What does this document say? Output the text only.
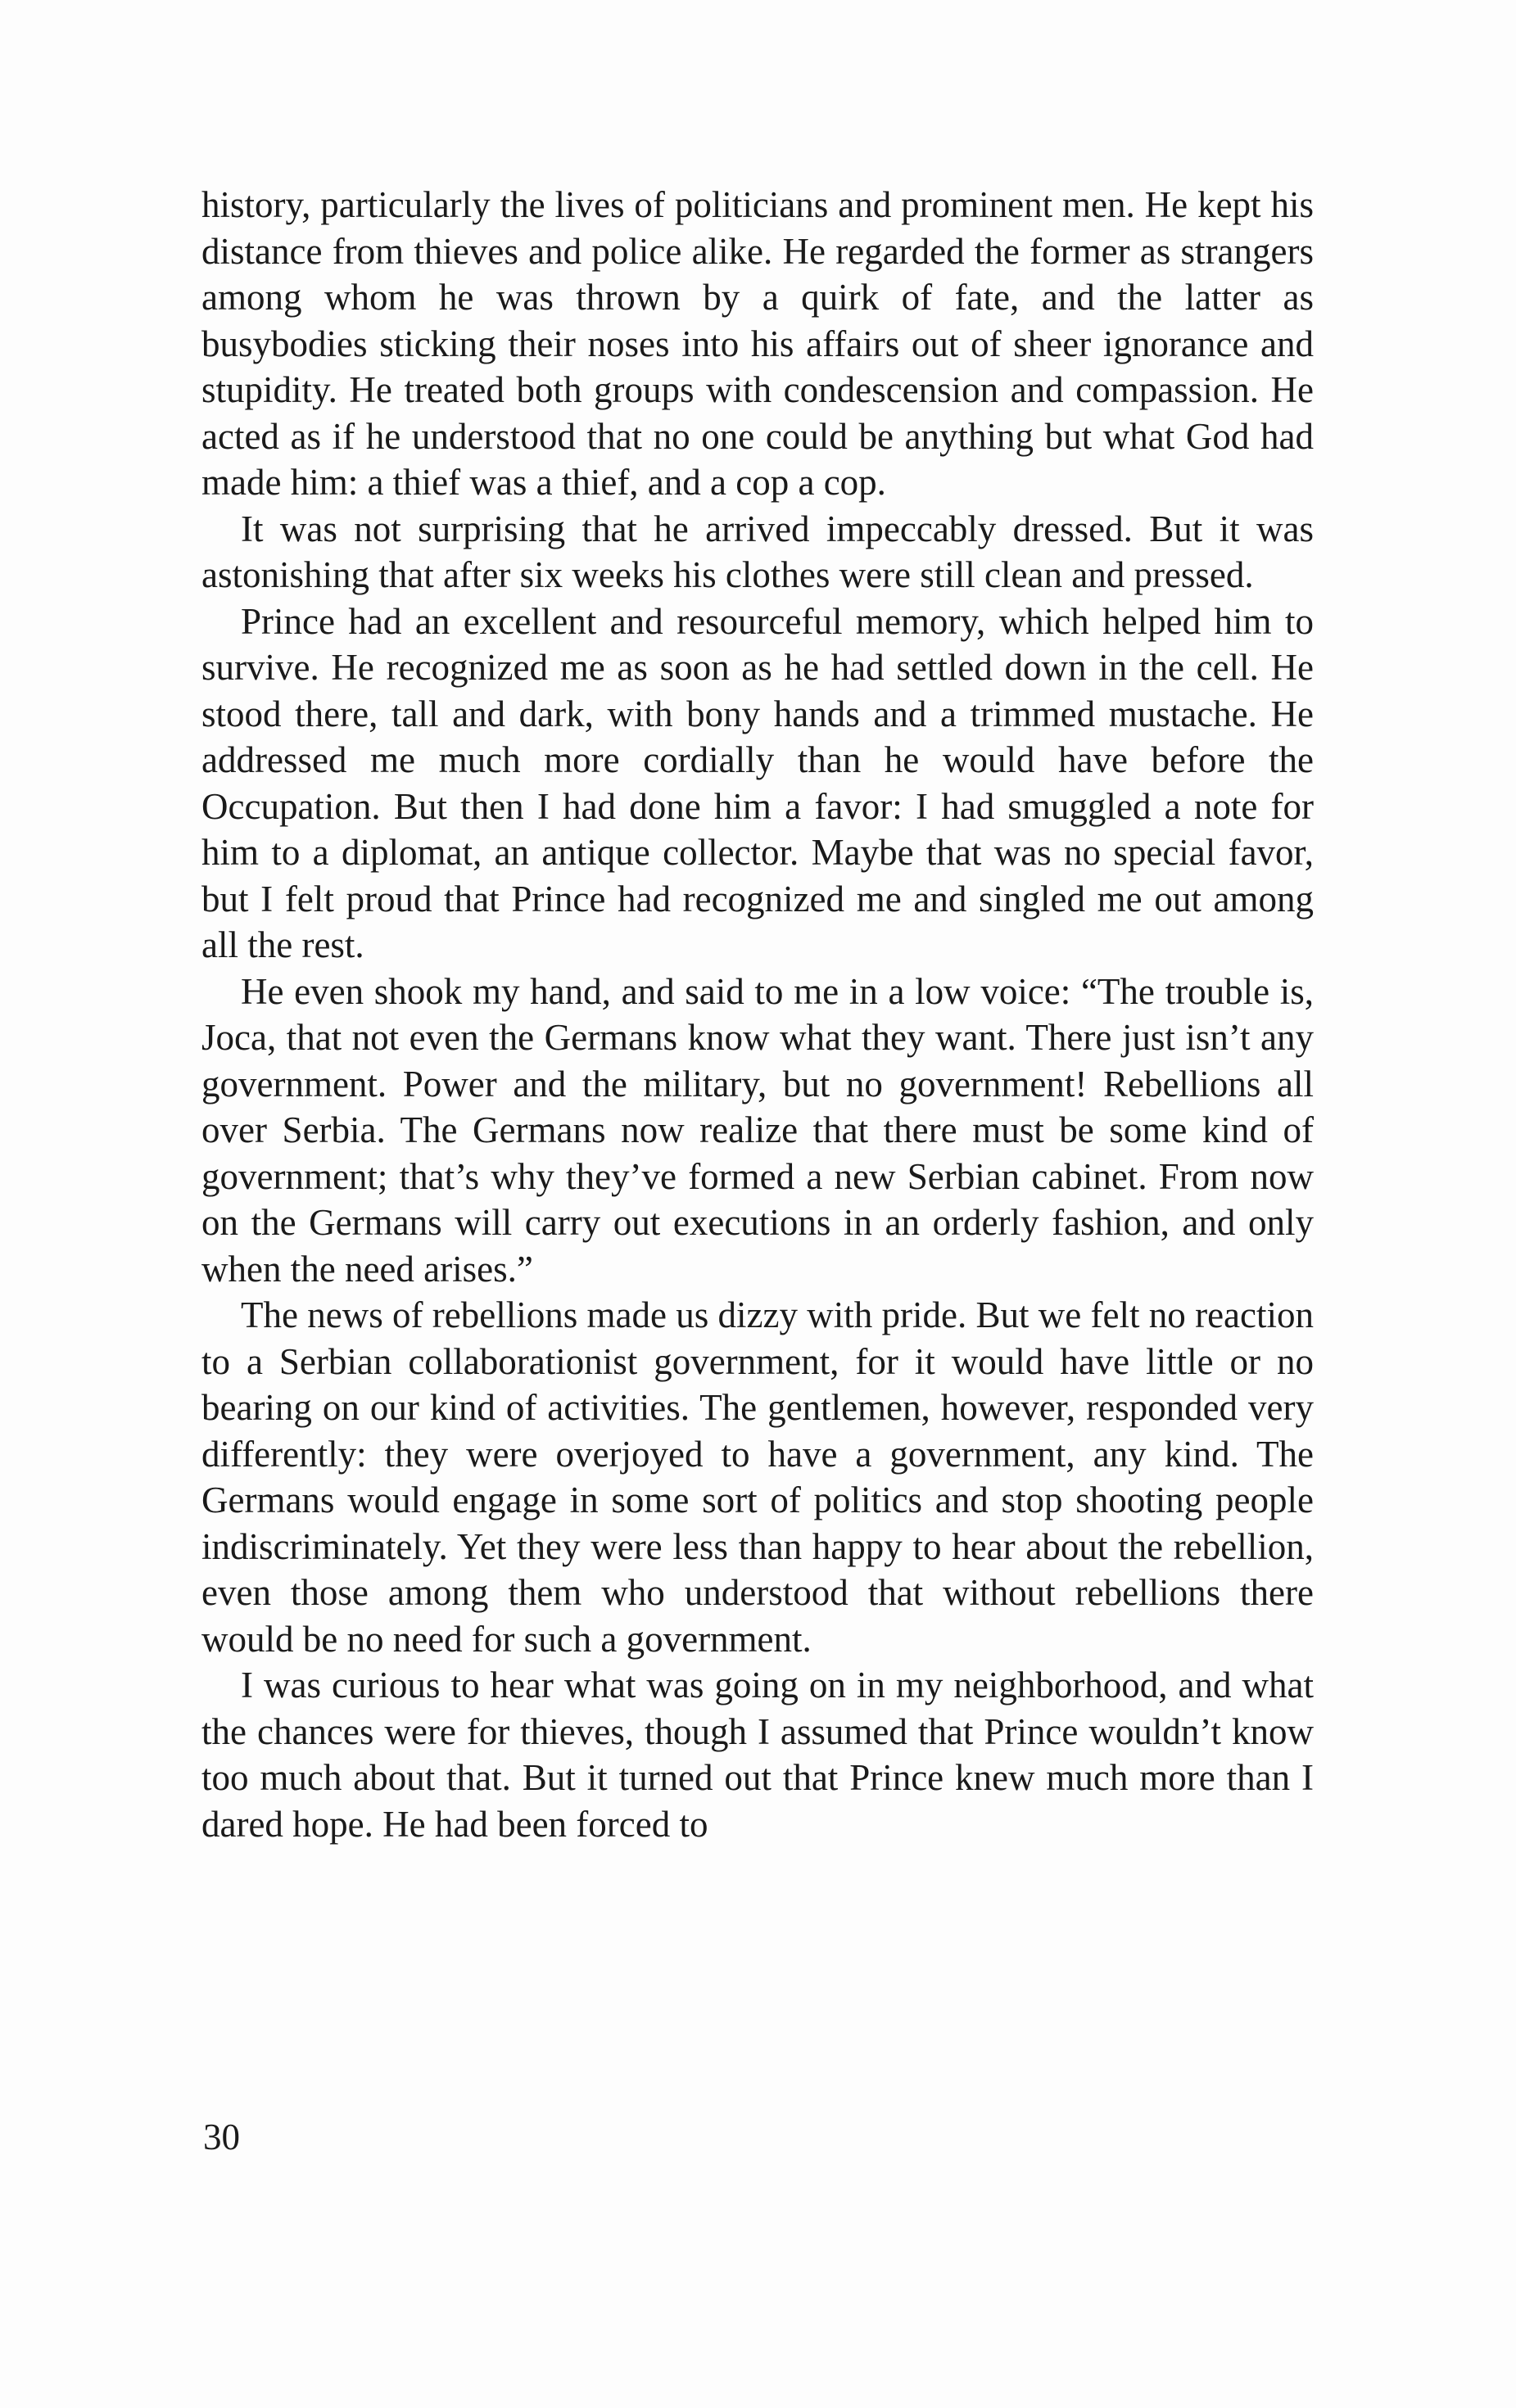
history, particularly the lives of politicians and prominent men. He kept his distance from thieves and police alike. He regarded the former as strangers among whom he was thrown by a quirk of fate, and the latter as busybodies sticking their noses into his affairs out of sheer ignorance and stupidity. He treated both groups with condescension and compassion. He acted as if he understood that no one could be anything but what God had made him: a thief was a thief, and a cop a cop.

It was not surprising that he arrived impeccably dressed. But it was astonishing that after six weeks his clothes were still clean and pressed.

Prince had an excellent and resourceful memory, which helped him to survive. He recognized me as soon as he had settled down in the cell. He stood there, tall and dark, with bony hands and a trimmed mustache. He addressed me much more cordially than he would have before the Occupation. But then I had done him a favor: I had smuggled a note for him to a diplomat, an antique collector. Maybe that was no special favor, but I felt proud that Prince had recognized me and singled me out among all the rest.

He even shook my hand, and said to me in a low voice: “The trouble is, Joca, that not even the Germans know what they want. There just isn’t any government. Power and the military, but no government! Rebellions all over Serbia. The Germans now realize that there must be some kind of government; that’s why they’ve formed a new Serbian cabinet. From now on the Germans will carry out executions in an orderly fashion, and only when the need arises.”

The news of rebellions made us dizzy with pride. But we felt no reaction to a Serbian collaborationist government, for it would have little or no bearing on our kind of activities. The gentlemen, however, responded very differently: they were overjoyed to have a government, any kind. The Germans would engage in some sort of politics and stop shooting people indiscriminately. Yet they were less than happy to hear about the rebellion, even those among them who understood that without rebellions there would be no need for such a government.

I was curious to hear what was going on in my neighborhood, and what the chances were for thieves, though I assumed that Prince wouldn’t know too much about that. But it turned out that Prince knew much more than I dared hope. He had been forced to

30
